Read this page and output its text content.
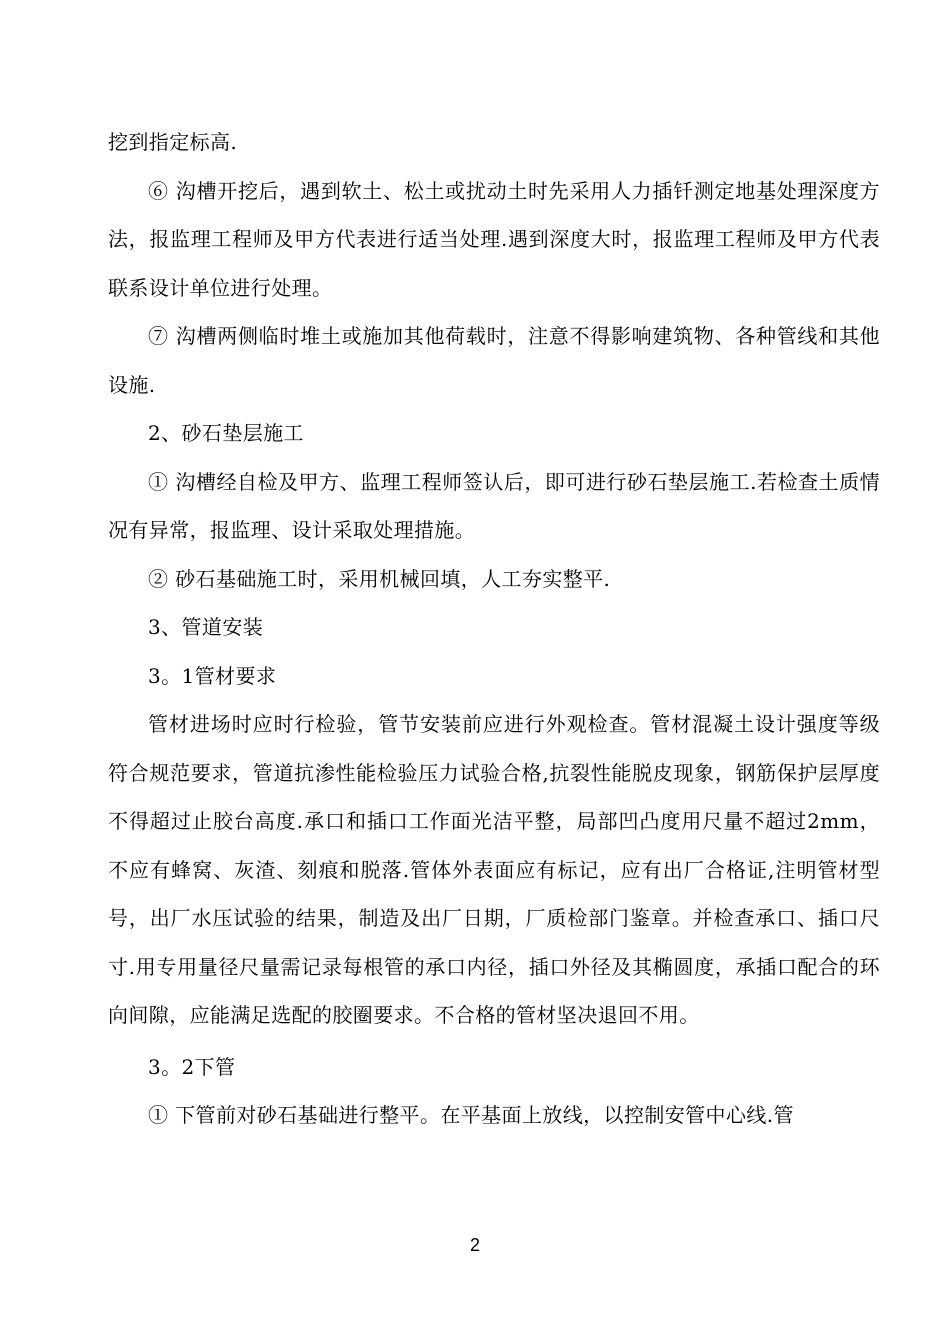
挖到指定标高.

⑥ 沟槽开挖后，遇到软土、松土或扰动土时先采用人力插钎测定地基处理深度方法，报监理工程师及甲方代表进行适当处理.遇到深度大时，报监理工程师及甲方代表联系设计单位进行处理。

⑦ 沟槽两侧临时堆土或施加其他荷载时，注意不得影响建筑物、各种管线和其他设施.

2、砂石垫层施工

① 沟槽经自检及甲方、监理工程师签认后，即可进行砂石垫层施工.若检查土质情况有异常，报监理、设计采取处理措施。

② 砂石基础施工时，采用机械回填，人工夯实整平.

3、管道安装

3。1管材要求

管材进场时应时行检验，管节安装前应进行外观检查。管材混凝土设计强度等级符合规范要求，管道抗渗性能检验压力试验合格,抗裂性能脱皮现象，钢筋保护层厚度不得超过止胶台高度.承口和插口工作面光洁平整，局部凹凸度用尺量不超过2mm，不应有蜂窝、灰渣、刻痕和脱落.管体外表面应有标记，应有出厂合格证,注明管材型号，出厂水压试验的结果，制造及出厂日期，厂质检部门鉴章。并检查承口、插口尺寸.用专用量径尺量需记录每根管的承口内径，插口外径及其椭圆度，承插口配合的环向间隙，应能满足选配的胶圈要求。不合格的管材坚决退回不用。

3。2下管

① 下管前对砂石基础进行整平。在平基面上放线，以控制安管中心线.管

2
